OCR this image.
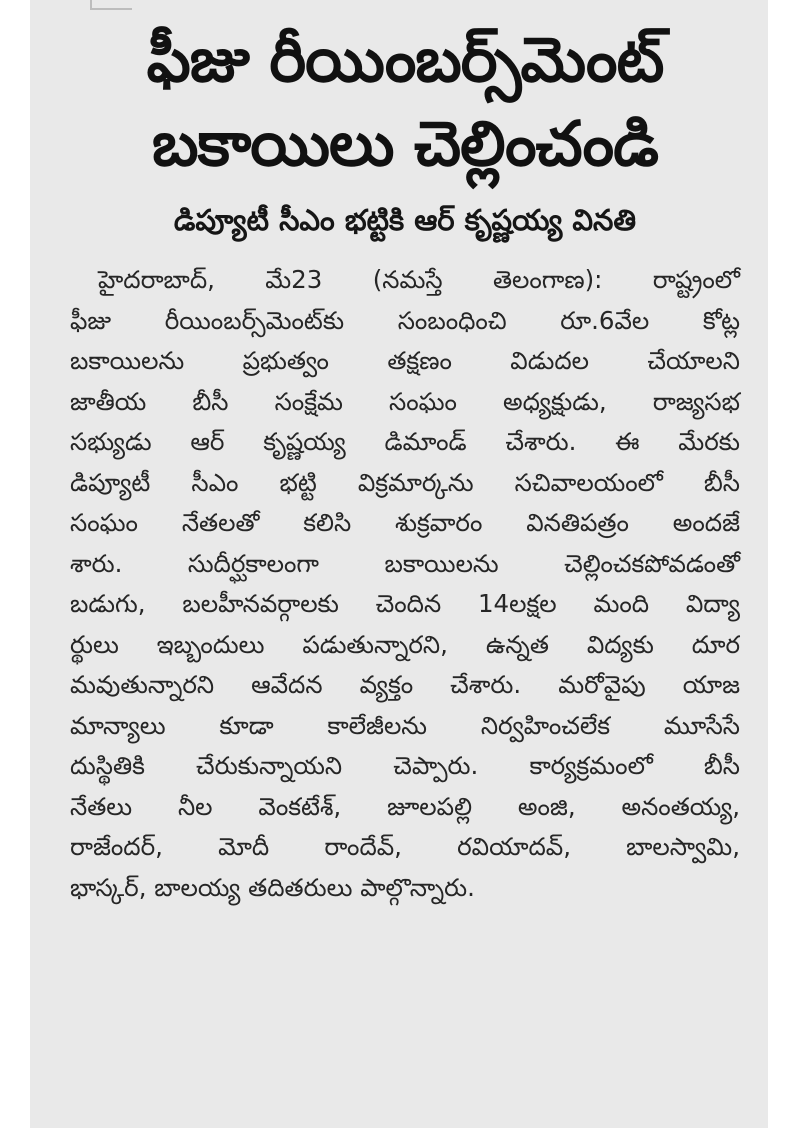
ఫీజు రీయింబర్స్‌మెంట్
బకాయిలు చెల్లించండి
డిప్యూటీ సీఎం భట్టికి ఆర్‌ కృష్ణయ్య వినతి
హైదరాబాద్‌, మే23 (నమస్తే తెలంగాణ): రాష్ట్రంలో
ఫీజు రీయింబర్స్‌మెంట్‌కు సంబంధించి రూ.6వేల కోట్ల
బకాయిలను ప్రభుత్వం తక్షణం విడుదల చేయాలని
జాతీయ బీసీ సంక్షేమ సంఘం అధ్యక్షుడు, రాజ్యసభ
సభ్యుడు ఆర్‌ కృష్ణయ్య డిమాండ్‌ చేశారు. ఈ మేరకు
డిప్యూటీ సీఎం భట్టి విక్రమార్కను సచివాలయంలో బీసీ
సంఘం నేతలతో కలిసి శుక్రవారం వినతిపత్రం అందజే
శారు. సుదీర్ఘకాలంగా బకాయిలను చెల్లించకపోవడంతో
బడుగు, బలహీనవర్గాలకు చెందిన 14లక్షల మంది విద్యా
ర్థులు ఇబ్బందులు పడుతున్నారని, ఉన్నత విద్యకు దూర
మవుతున్నారని ఆవేదన వ్యక్తం చేశారు. మరోవైపు యాజ
మాన్యాలు కూడా కాలేజీలను నిర్వహించలేక మూసేసే
దుస్థితికి చేరుకున్నాయని చెప్పారు. కార్యక్రమంలో బీసీ
నేతలు నీల వెంకటేశ్‌, జూలపల్లి అంజి, అనంతయ్య,
రాజేందర్‌, మోదీ రాందేవ్‌, రవియాదవ్‌, బాలస్వామి,
భాస్కర్‌, బాలయ్య తదితరులు పాల్గొన్నారు.
